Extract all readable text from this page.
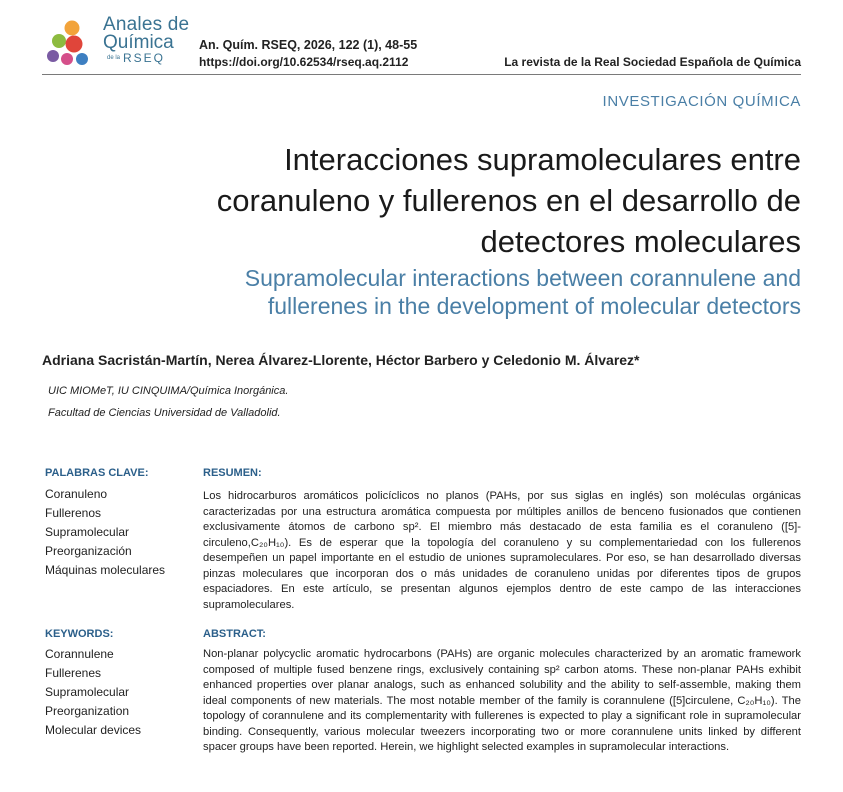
Anales de
Química
de la RSEQ
An. Quím. RSEQ, 2026, 122 (1), 48-55
https://doi.org/10.62534/rseq.aq.2112	La revista de la Real Sociedad Española de Química
INVESTIGACIÓN QUÍMICA
Interacciones supramoleculares entre coranuleno y fullerenos en el desarrollo de detectores moleculares
Supramolecular interactions between corannulene and fullerenes in the development of molecular detectors
Adriana Sacristán-Martín, Nerea Álvarez-Llorente, Héctor Barbero y Celedonio M. Álvarez*
UIC MIOMeT, IU CINQUIMA/Química Inorgánica.
Facultad de Ciencias Universidad de Valladolid.
PALABRAS CLAVE:
Coranuleno
Fullerenos
Supramolecular
Preorganización
Máquinas moleculares
RESUMEN:
Los hidrocarburos aromáticos policíclicos no planos (PAHs, por sus siglas en inglés) son moléculas orgánicas caracterizadas por una estructura aromática compuesta por múltiples anillos de benceno fusionados que contienen exclusivamente átomos de carbono sp². El miembro más destacado de esta familia es el coranuleno ([5]-circuleno,C₂₀H₁₀). Es de esperar que la topología del coranuleno y su complementariedad con los fullerenos desempeñen un papel importante en el estudio de uniones supramoleculares. Por eso, se han desarrollado diversas pinzas moleculares que incorporan dos o más unidades de coranuleno unidas por diferentes tipos de grupos espaciadores. En este artículo, se presentan algunos ejemplos dentro de este campo de las interacciones supramoleculares.
KEYWORDS:
Corannulene
Fullerenes
Supramolecular
Preorganization
Molecular devices
ABSTRACT:
Non-planar polycyclic aromatic hydrocarbons (PAHs) are organic molecules characterized by an aromatic framework composed of multiple fused benzene rings, exclusively containing sp² carbon atoms. These non-planar PAHs exhibit enhanced properties over planar analogs, such as enhanced solubility and the ability to self-assemble, making them ideal components of new materials. The most notable member of the family is corannulene ([5]circulene, C₂₀H₁₀). The topology of corannulene and its complementarity with fullerenes is expected to play a significant role in supramolecular binding. Consequently, various molecular tweezers incorporating two or more corannulene units linked by different spacer groups have been reported. Herein, we highlight selected examples in supramolecular interactions.
